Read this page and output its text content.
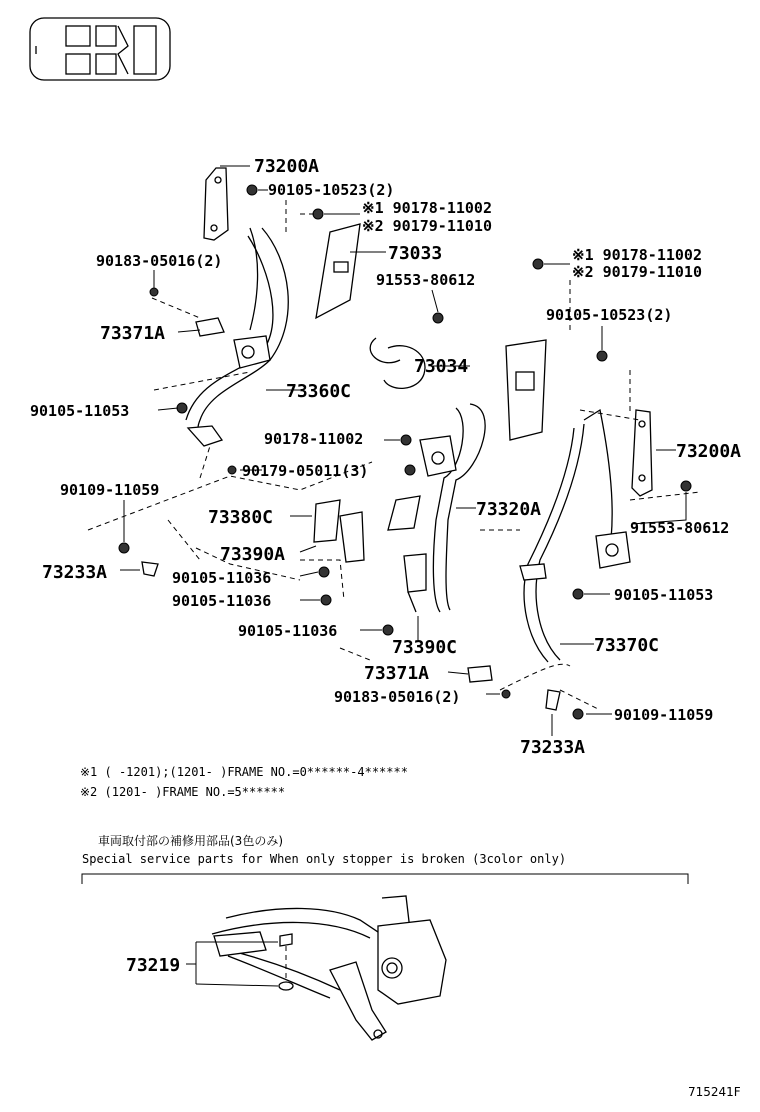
73200A
90105-10523(2)
※1 90178-11002
※2 90179-11010
73033
90183-05016(2)
91553-80612
※1 90178-11002
※2 90179-11010
73371A
90105-10523(2)
73034
73360C
90105-11053
90178-11002
73200A
90179-05011(3)
90109-11059
73320A
73380C	91553-80612
73390A
73233A	90105-11036
90105-11036	90105-11053
90105-11036
73370C
73390C
73371A
90183-05016(2)
90109-11059
73233A
※1 ( -1201);(1201- )FRAME NO.=0******-4******
※2 (1201- )FRAME NO.=5******
車両取付部の補修用部品(3色のみ)
Special service parts for When only stopper is broken (3color only)
73219
715241F
